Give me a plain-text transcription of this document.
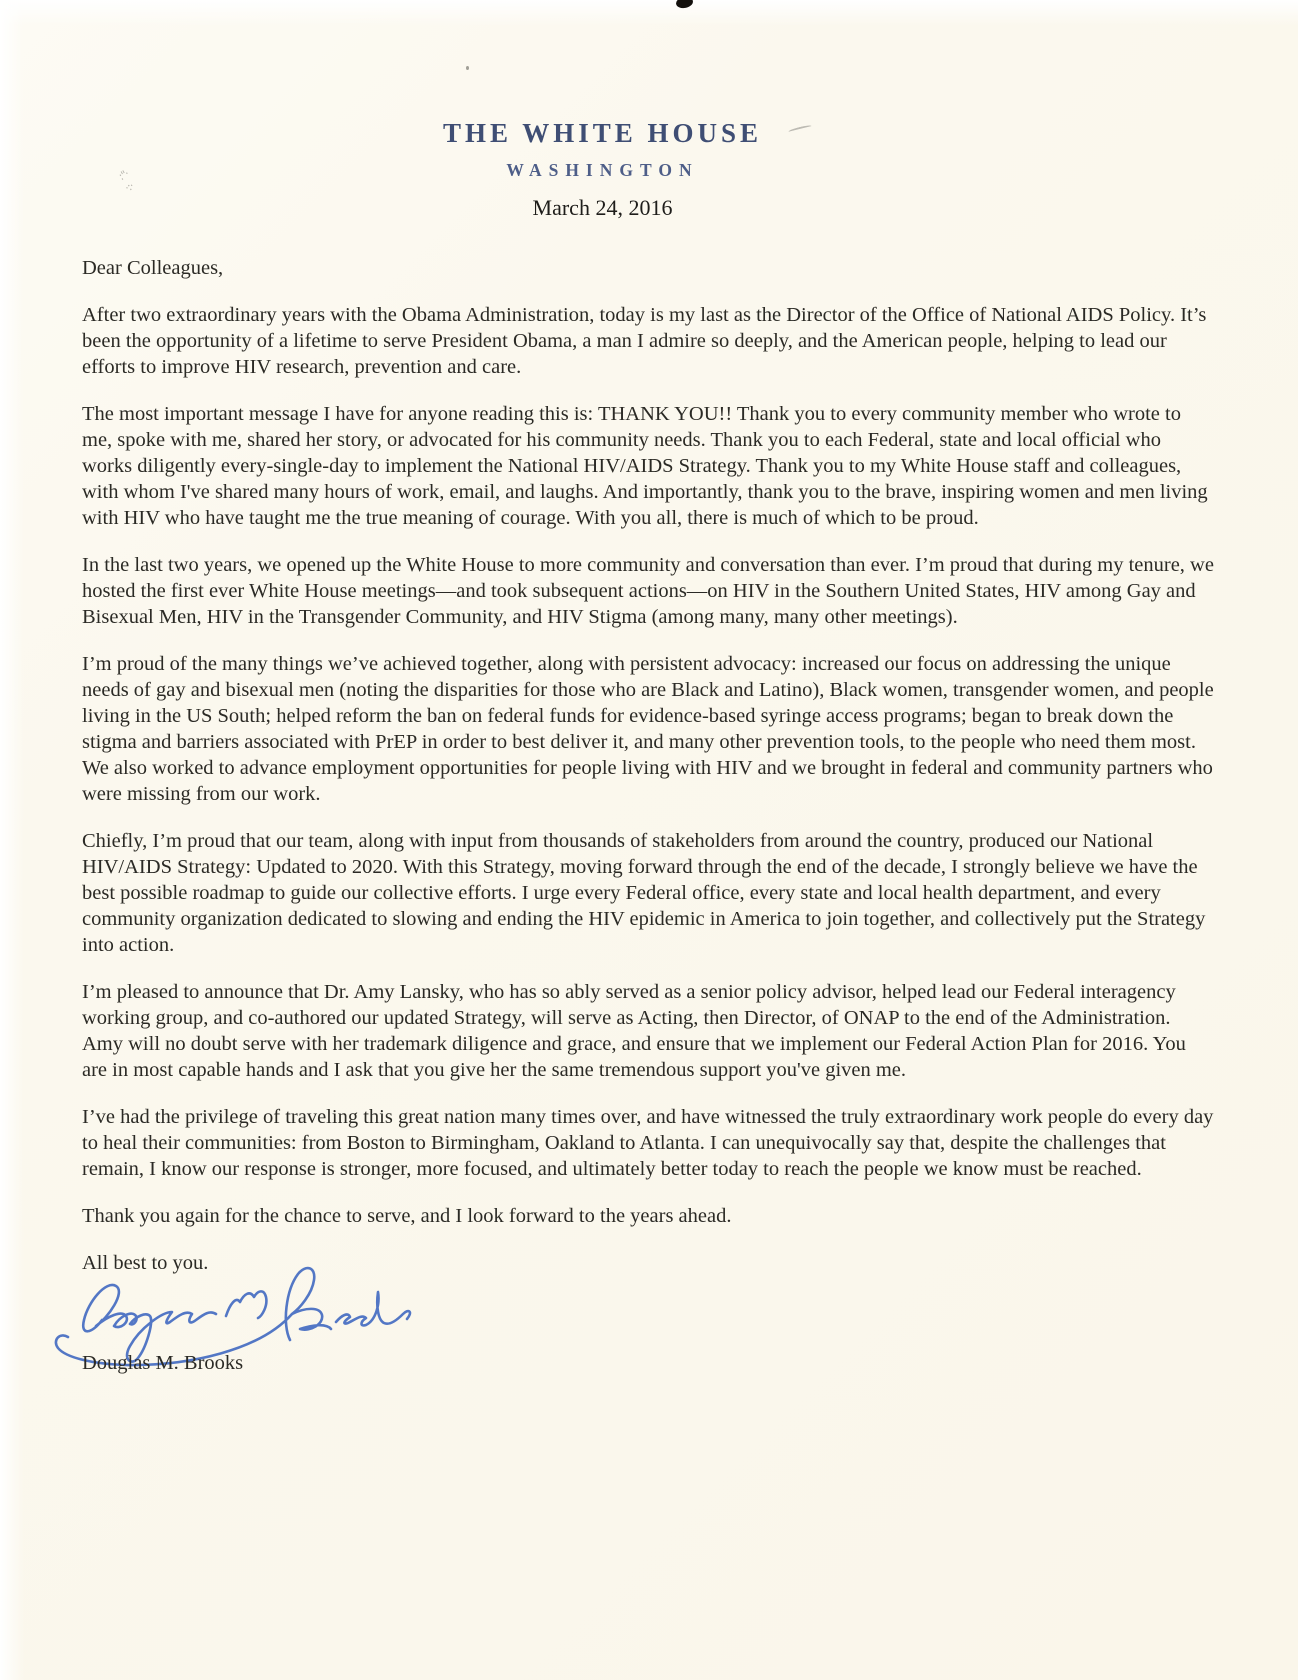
:''·
·:·
THE WHITE HOUSE
WASHINGTON
March 24, 2016
Dear Colleagues,

After two extraordinary years with the Obama Administration, today is my last as the Director of the Office of National AIDS Policy. It’s been the opportunity of a lifetime to serve President Obama, a man I admire so deeply, and the American people, helping to lead our efforts to improve HIV research, prevention and care.

The most important message I have for anyone reading this is: THANK YOU!! Thank you to every community member who wrote to me, spoke with me, shared her story, or advocated for his community needs. Thank you to each Federal, state and local official who works diligently every-single-day to implement the National HIV/AIDS Strategy. Thank you to my White House staff and colleagues, with whom I've shared many hours of work, email, and laughs. And importantly, thank you to the brave, inspiring women and men living with HIV who have taught me the true meaning of courage. With you all, there is much of which to be proud.

In the last two years, we opened up the White House to more community and conversation than ever. I’m proud that during my tenure, we hosted the first ever White House meetings—and took subsequent actions—on HIV in the Southern United States, HIV among Gay and Bisexual Men, HIV in the Transgender Community, and HIV Stigma (among many, many other meetings).

I’m proud of the many things we’ve achieved together, along with persistent advocacy: increased our focus on addressing the unique needs of gay and bisexual men (noting the disparities for those who are Black and Latino), Black women, transgender women, and people living in the US South; helped reform the ban on federal funds for evidence-based syringe access programs; began to break down the stigma and barriers associated with PrEP in order to best deliver it, and many other prevention tools, to the people who need them most. We also worked to advance employment opportunities for people living with HIV and we brought in federal and community partners who were missing from our work.

Chiefly, I’m proud that our team, along with input from thousands of stakeholders from around the country, produced our National HIV/AIDS Strategy: Updated to 2020. With this Strategy, moving forward through the end of the decade, I strongly believe we have the best possible roadmap to guide our collective efforts. I urge every Federal office, every state and local health department, and every community organization dedicated to slowing and ending the HIV epidemic in America to join together, and collectively put the Strategy into action.

I’m pleased to announce that Dr. Amy Lansky, who has so ably served as a senior policy advisor, helped lead our Federal interagency working group, and co-authored our updated Strategy, will serve as Acting, then Director, of ONAP to the end of the Administration. Amy will no doubt serve with her trademark diligence and grace, and ensure that we implement our Federal Action Plan for 2016. You are in most capable hands and I ask that you give her the same tremendous support you've given me.

I’ve had the privilege of traveling this great nation many times over, and have witnessed the truly extraordinary work people do every day to heal their communities: from Boston to Birmingham, Oakland to Atlanta. I can unequivocally say that, despite the challenges that remain, I know our response is stronger, more focused, and ultimately better today to reach the people we know must be reached.

Thank you again for the chance to serve, and I look forward to the years ahead.

All best to you.
Douglas M. Brooks
